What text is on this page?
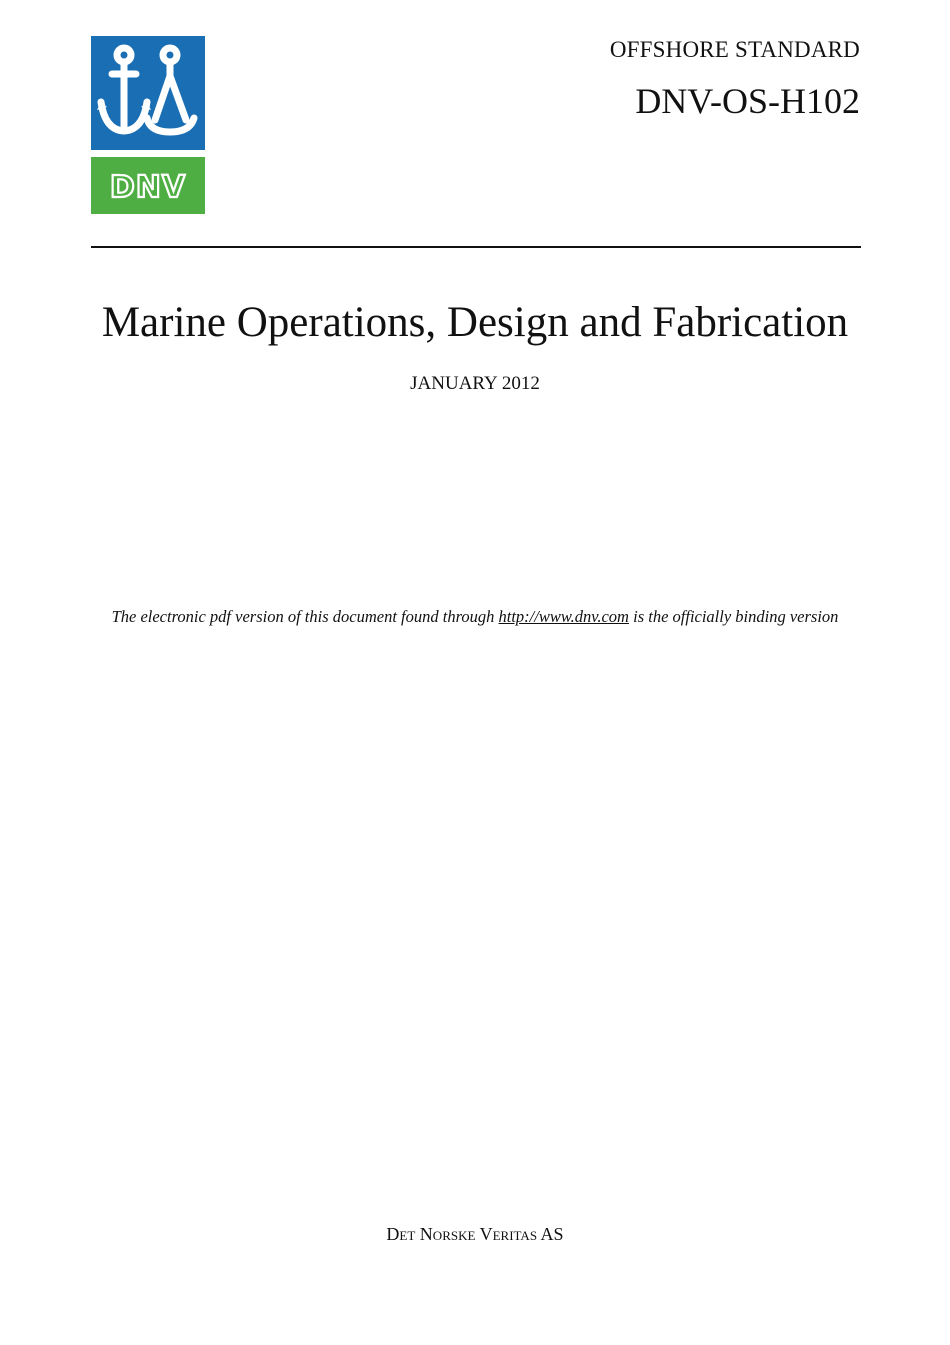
DNV
OFFSHORE STANDARD
DNV-OS-H102
Marine Operations, Design and Fabrication
JANUARY 2012
The electronic pdf version of this document found through http://www.dnv.com is the officially binding version
Det Norske Veritas AS
